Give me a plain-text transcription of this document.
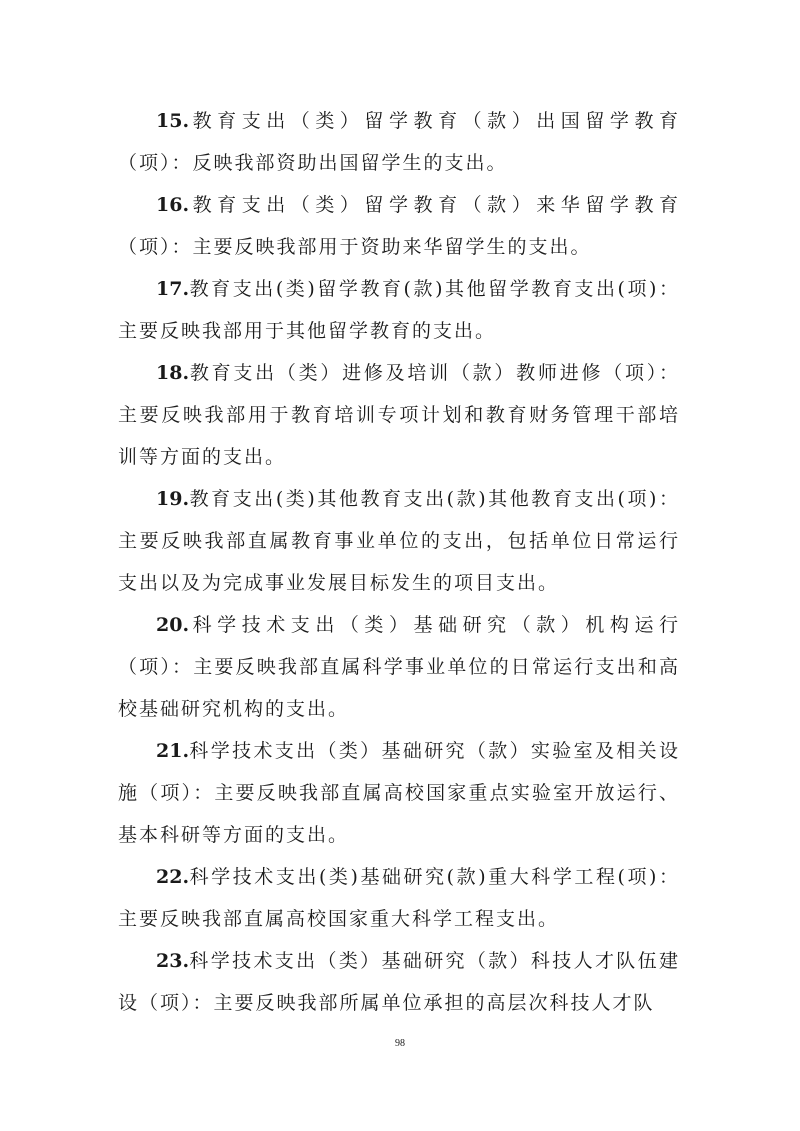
15.教育支出（类）留学教育（款）出国留学教育（项）：反映我部资助出国留学生的支出。

16.教育支出（类）留学教育（款）来华留学教育（项）：主要反映我部用于资助来华留学生的支出。

17.教育支出(类)留学教育(款)其他留学教育支出(项)：主要反映我部用于其他留学教育的支出。

18.教育支出（类）进修及培训（款）教师进修（项）：主要反映我部用于教育培训专项计划和教育财务管理干部培训等方面的支出。

19.教育支出(类)其他教育支出(款)其他教育支出(项)：主要反映我部直属教育事业单位的支出，包括单位日常运行支出以及为完成事业发展目标发生的项目支出。

20.科学技术支出（类）基础研究（款）机构运行（项）：主要反映我部直属科学事业单位的日常运行支出和高校基础研究机构的支出。

21.科学技术支出（类）基础研究（款）实验室及相关设施（项）：主要反映我部直属高校国家重点实验室开放运行、基本科研等方面的支出。

22.科学技术支出(类)基础研究(款)重大科学工程(项)：主要反映我部直属高校国家重大科学工程支出。

23.科学技术支出（类）基础研究（款）科技人才队伍建设（项）：主要反映我部所属单位承担的高层次科技人才队

98
